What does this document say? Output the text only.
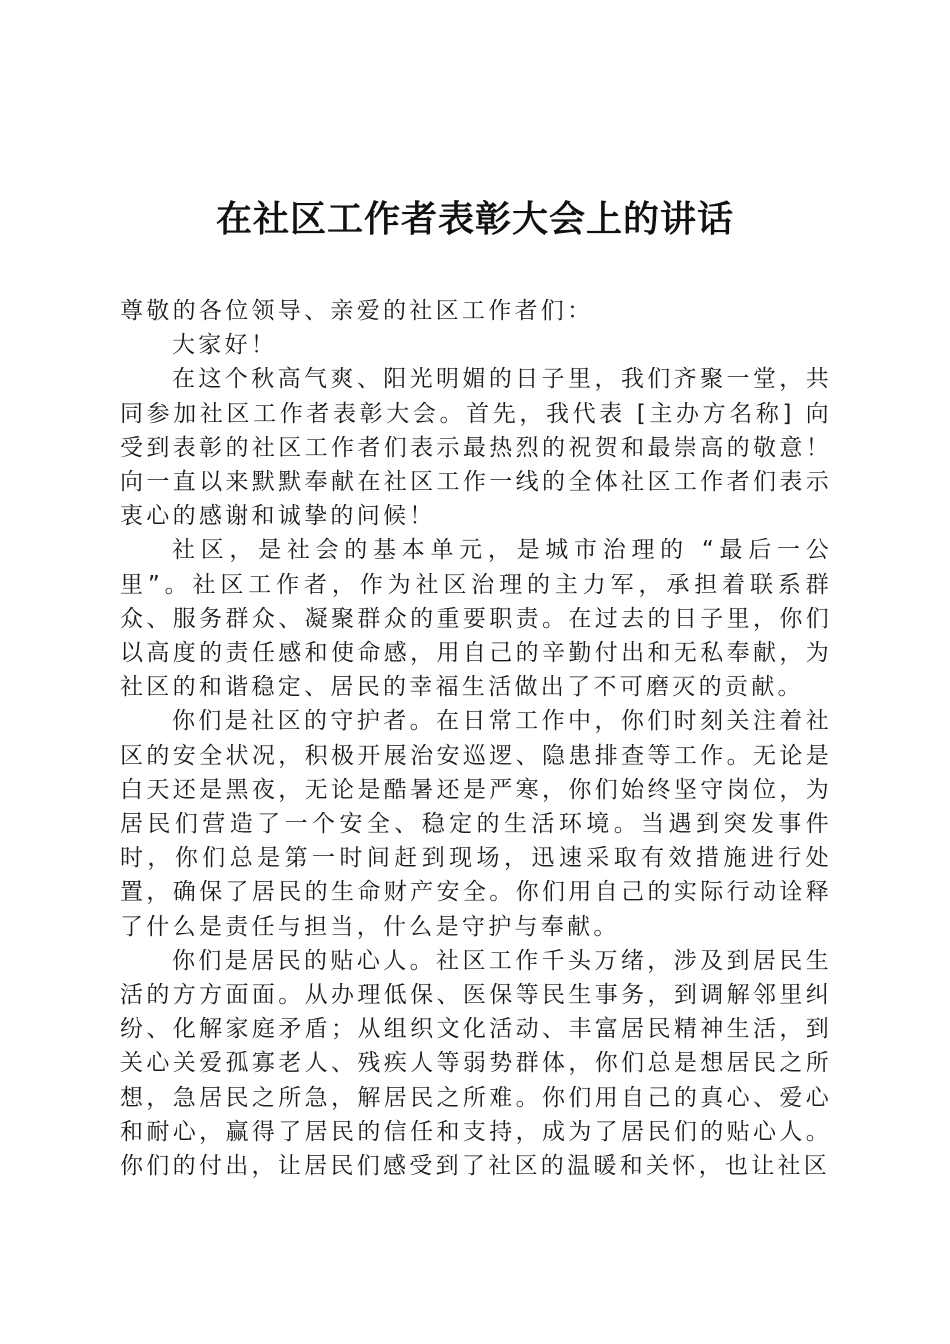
在社区工作者表彰大会上的讲话

尊敬的各位领导、亲爱的社区工作者们：

大家好！

在这个秋高气爽、阳光明媚的日子里，我们齐聚一堂，共同参加社区工作者表彰大会。首先，我代表 [主办方名称] 向受到表彰的社区工作者们表示最热烈的祝贺和最崇高的敬意！向一直以来默默奉献在社区工作一线的全体社区工作者们表示衷心的感谢和诚挚的问候！

社区，是社会的基本单元，是城市治理的 “最后一公里”。社区工作者，作为社区治理的主力军，承担着联系群众、服务群众、凝聚群众的重要职责。在过去的日子里，你们以高度的责任感和使命感，用自己的辛勤付出和无私奉献，为社区的和谐稳定、居民的幸福生活做出了不可磨灭的贡献。

你们是社区的守护者。在日常工作中，你们时刻关注着社区的安全状况，积极开展治安巡逻、隐患排查等工作。无论是白天还是黑夜，无论是酷暑还是严寒，你们始终坚守岗位，为居民们营造了一个安全、稳定的生活环境。当遇到突发事件时，你们总是第一时间赶到现场，迅速采取有效措施进行处置，确保了居民的生命财产安全。你们用自己的实际行动诠释了什么是责任与担当，什么是守护与奉献。

你们是居民的贴心人。社区工作千头万绪，涉及到居民生活的方方面面。从办理低保、医保等民生事务，到调解邻里纠纷、化解家庭矛盾；从组织文化活动、丰富居民精神生活，到关心关爱孤寡老人、残疾人等弱势群体，你们总是想居民之所想，急居民之所急，解居民之所难。你们用自己的真心、爱心和耐心，赢得了居民的信任和支持，成为了居民们的贴心人。你们的付出，让居民们感受到了社区的温暖和关怀，也让社区
